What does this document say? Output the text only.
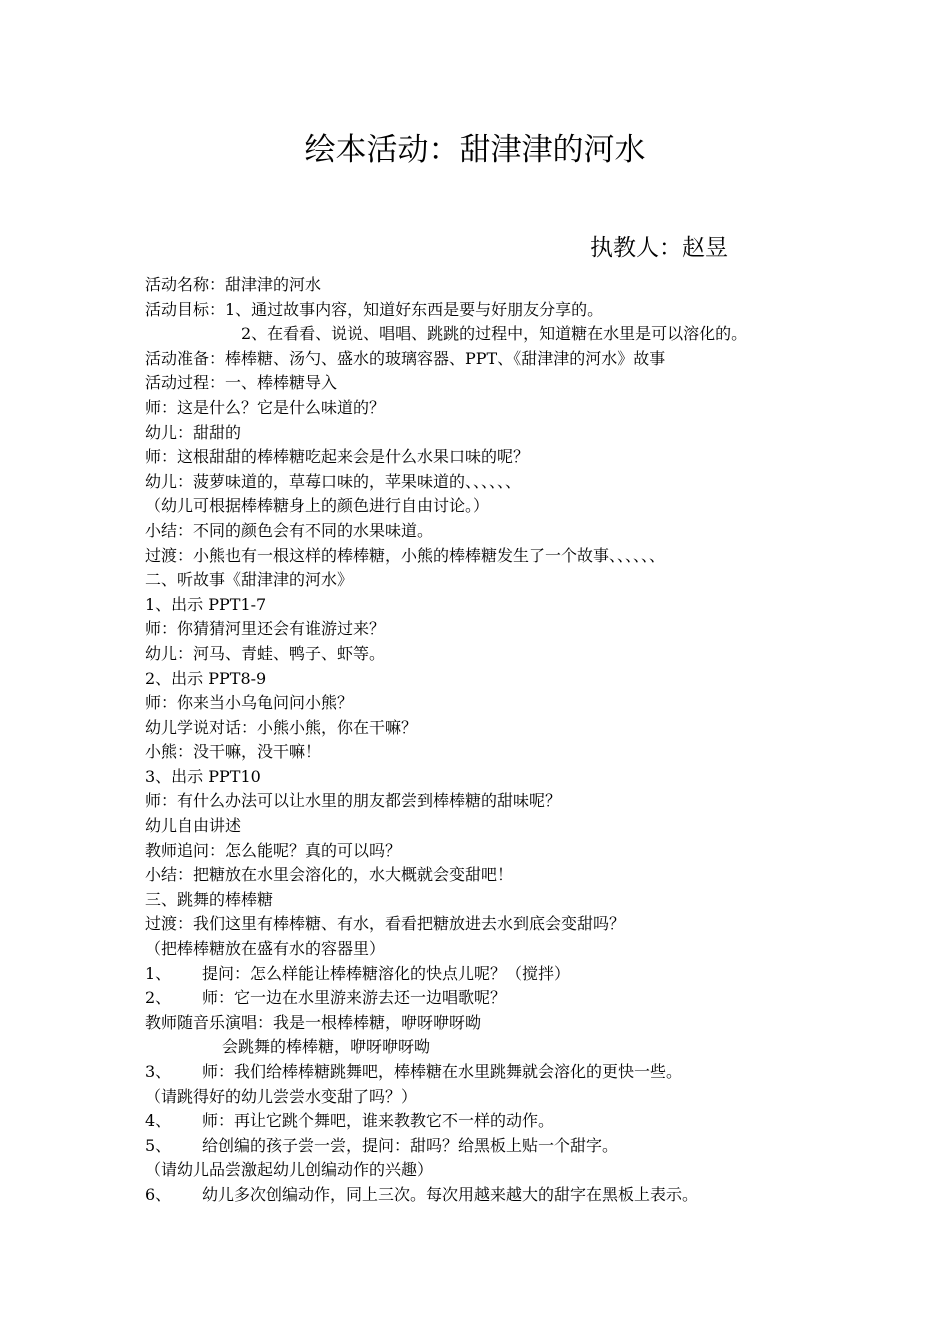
绘本活动：甜津津的河水
执教人：赵昱
活动名称：甜津津的河水
活动目标：1、通过故事内容，知道好东西是要与好朋友分享的。
2、在看看、说说、唱唱、跳跳的过程中，知道糖在水里是可以溶化的。
活动准备：棒棒糖、汤勺、盛水的玻璃容器、PPT、《甜津津的河水》故事
活动过程：一、棒棒糖导入
师：这是什么？它是什么味道的？
幼儿：甜甜的
师：这根甜甜的棒棒糖吃起来会是什么水果口味的呢？
幼儿：菠萝味道的，草莓口味的，苹果味道的、、、、、、
（幼儿可根据棒棒糖身上的颜色进行自由讨论。）
小结：不同的颜色会有不同的水果味道。
过渡：小熊也有一根这样的棒棒糖，小熊的棒棒糖发生了一个故事、、、、、、
二、听故事《甜津津的河水》
1、出示 PPT1-7
师：你猜猜河里还会有谁游过来？
幼儿：河马、青蛙、鸭子、虾等。
2、出示 PPT8-9
师：你来当小乌龟问问小熊？
幼儿学说对话：小熊小熊，你在干嘛？
小熊：没干嘛，没干嘛！
3、出示 PPT10
师：有什么办法可以让水里的朋友都尝到棒棒糖的甜味呢？
幼儿自由讲述
教师追问：怎么能呢？真的可以吗？
小结：把糖放在水里会溶化的，水大概就会变甜吧！
三、跳舞的棒棒糖
过渡：我们这里有棒棒糖、有水，看看把糖放进去水到底会变甜吗？
（把棒棒糖放在盛有水的容器里）
1、 提问：怎么样能让棒棒糖溶化的快点儿呢？（搅拌）
2、 师：它一边在水里游来游去还一边唱歌呢？
教师随音乐演唱：我是一根棒棒糖，咿呀咿呀呦
会跳舞的棒棒糖，咿呀咿呀呦
3、 师：我们给棒棒糖跳舞吧，棒棒糖在水里跳舞就会溶化的更快一些。
（请跳得好的幼儿尝尝水变甜了吗？）
4、 师：再让它跳个舞吧，谁来教教它不一样的动作。
5、 给创编的孩子尝一尝，提问：甜吗？给黑板上贴一个甜字。
（请幼儿品尝激起幼儿创编动作的兴趣）
6、 幼儿多次创编动作，同上三次。每次用越来越大的甜字在黑板上表示。
